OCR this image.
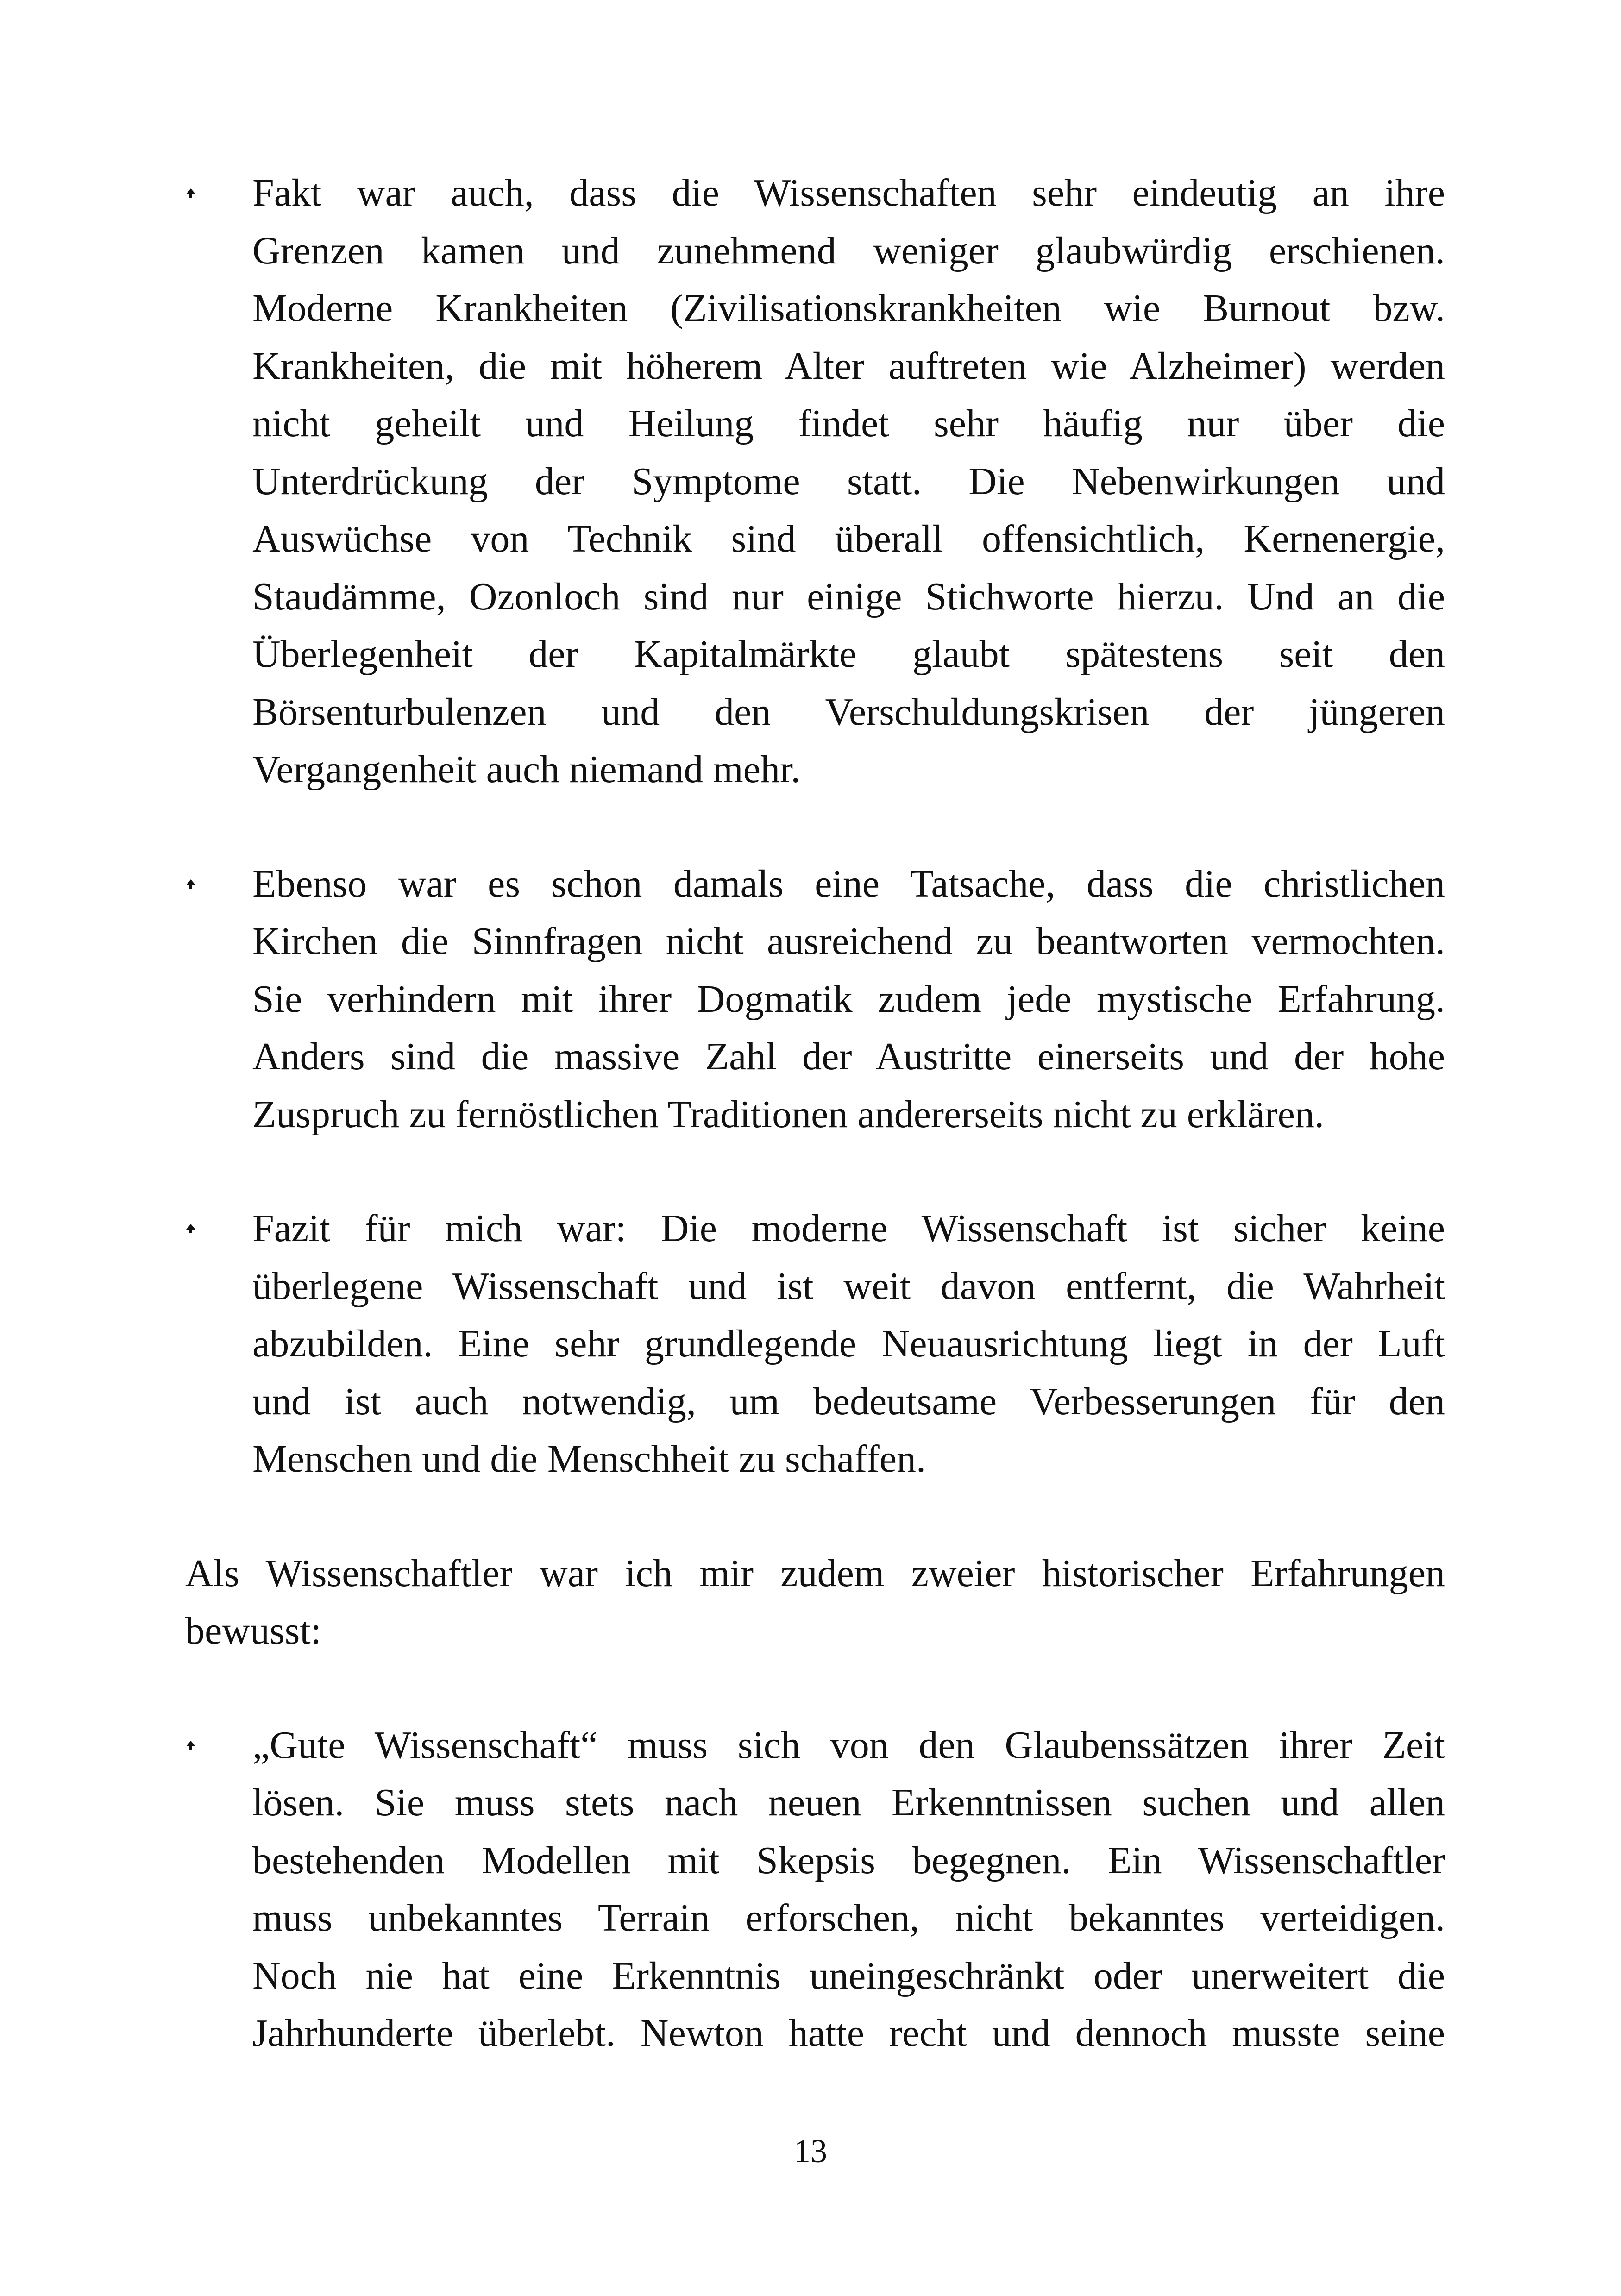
Fakt war auch, dass die Wissenschaften sehr eindeutig an ihre
Grenzen kamen und zunehmend weniger glaubwürdig erschienen.
Moderne Krankheiten (Zivilisationskrankheiten wie Burnout bzw.
Krankheiten, die mit höherem Alter auftreten wie Alzheimer) werden
nicht geheilt und Heilung findet sehr häufig nur über die
Unterdrückung der Symptome statt. Die Nebenwirkungen und
Auswüchse von Technik sind überall offensichtlich, Kernenergie,
Staudämme, Ozonloch sind nur einige Stichworte hierzu. Und an die
Überlegenheit der Kapitalmärkte glaubt spätestens seit den
Börsenturbulenzen und den Verschuldungskrisen der jüngeren
Vergangenheit auch niemand mehr.

Ebenso war es schon damals eine Tatsache, dass die christlichen
Kirchen die Sinnfragen nicht ausreichend zu beantworten vermochten.
Sie verhindern mit ihrer Dogmatik zudem jede mystische Erfahrung.
Anders sind die massive Zahl der Austritte einerseits und der hohe
Zuspruch zu fernöstlichen Traditionen andererseits nicht zu erklären.

Fazit für mich war: Die moderne Wissenschaft ist sicher keine
überlegene Wissenschaft und ist weit davon entfernt, die Wahrheit
abzubilden. Eine sehr grundlegende Neuausrichtung liegt in der Luft
und ist auch notwendig, um bedeutsame Verbesserungen für den
Menschen und die Menschheit zu schaffen.

Als Wissenschaftler war ich mir zudem zweier historischer Erfahrungen
bewusst:

„Gute Wissenschaft“ muss sich von den Glaubenssätzen ihrer Zeit
lösen. Sie muss stets nach neuen Erkenntnissen suchen und allen
bestehenden Modellen mit Skepsis begegnen. Ein Wissenschaftler
muss unbekanntes Terrain erforschen, nicht bekanntes verteidigen.
Noch nie hat eine Erkenntnis uneingeschränkt oder unerweitert die
Jahrhunderte überlebt. Newton hatte recht und dennoch musste seine

13
